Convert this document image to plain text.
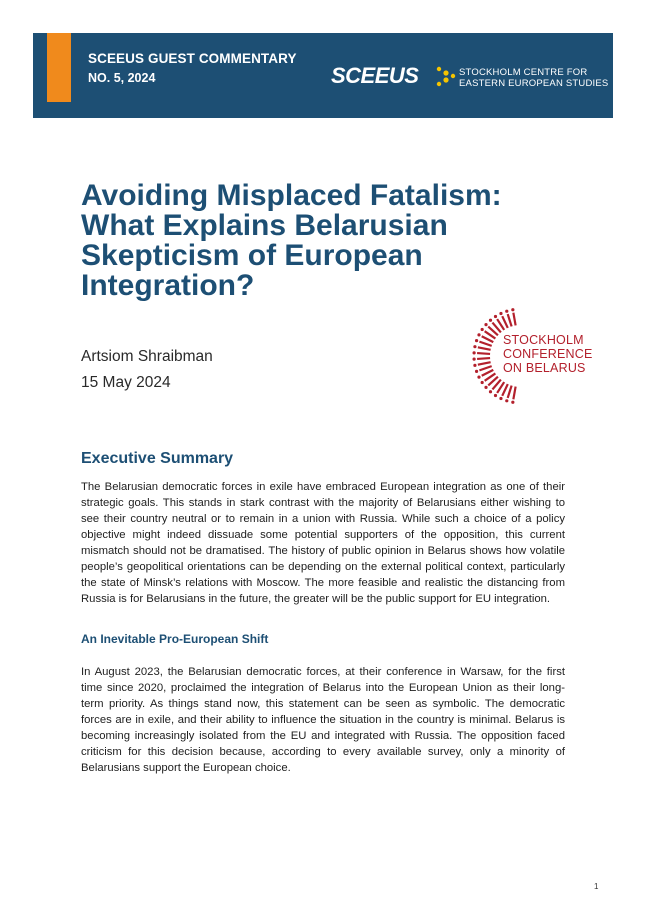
SCEEUS GUEST COMMENTARY
NO. 5, 2024	SCEEUS	STOCKHOLM CENTRE FOR
EASTERN EUROPEAN STUDIES
Avoiding Misplaced Fatalism: What Explains Belarusian Skepticism of European Integration?
Artsiom Shraibman
15 May 2024
STOCKHOLM
CONFERENCE
ON BELARUS
Executive Summary

The Belarusian democratic forces in exile have embraced European integration as one of their strategic goals. This stands in stark contrast with the majority of Belarusians either wishing to see their country neutral or to remain in a union with Russia. While such a choice of a policy objective might indeed dissuade some potential supporters of the opposition, this current mismatch should not be dramatised. The history of public opinion in Belarus shows how volatile people’s geopolitical orientations can be depending on the external political context, particularly the state of Minsk’s relations with Moscow. The more feasible and realistic the distancing from Russia is for Belarusians in the future, the greater will be the public support for EU integration.

An Inevitable Pro-European Shift

In August 2023, the Belarusian democratic forces, at their conference in Warsaw, for the first time since 2020, proclaimed the integration of Belarus into the European Union as their long-term priority. As things stand now, this statement can be seen as symbolic. The democratic forces are in exile, and their ability to influence the situation in the country is minimal. Belarus is becoming increasingly isolated from the EU and integrated with Russia. The opposition faced criticism for this decision because, according to every available survey, only a minority of Belarusians support the European choice.

1
